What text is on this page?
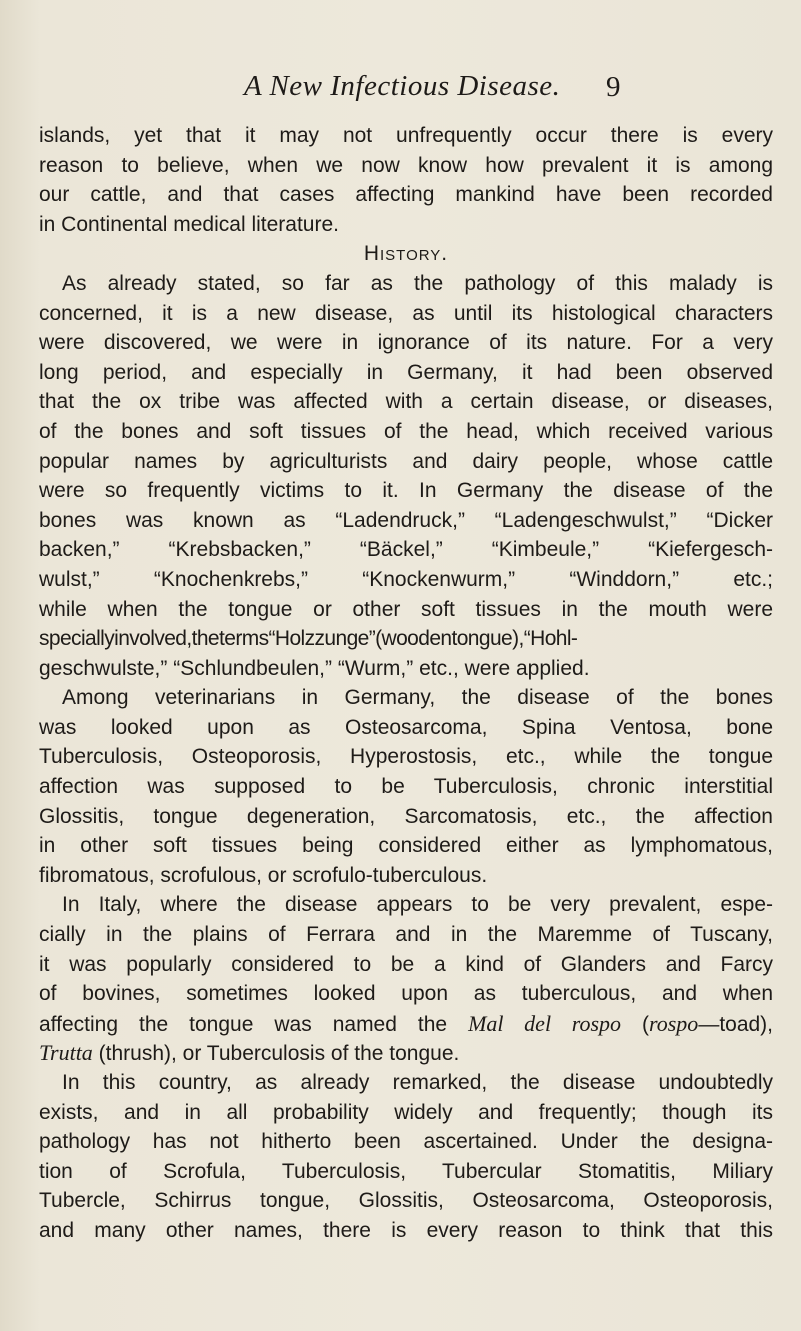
A New Infectious Disease. 9
islands, yet that it may not unfrequently occur there is every
reason to believe, when we now know how prevalent it is among
our cattle, and that cases affecting mankind have been recorded
in Continental medical literature.
History.
As already stated, so far as the pathology of this malady is
concerned, it is a new disease, as until its histological characters
were discovered, we were in ignorance of its nature. For a very
long period, and especially in Germany, it had been observed
that the ox tribe was affected with a certain disease, or diseases,
of the bones and soft tissues of the head, which received various
popular names by agriculturists and dairy people, whose cattle
were so frequently victims to it. In Germany the disease of the
bones was known as “Ladendruck,” “Ladengeschwulst,” “Dicker
backen,” “Krebsbacken,” “Bäckel,” “Kimbeule,” “Kiefergesch-
wulst,” “Knochenkrebs,” “Knockenwurm,” “Winddorn,” etc.;
while when the tongue or other soft tissues in the mouth were
speciallyinvolved,theterms“Holzzunge”(woodentongue),“Hohl-
geschwulste,” “Schlundbeulen,” “Wurm,” etc., were applied.
Among veterinarians in Germany, the disease of the bones
was looked upon as Osteosarcoma, Spina Ventosa, bone
Tuberculosis, Osteoporosis, Hyperostosis, etc., while the tongue
affection was supposed to be Tuberculosis, chronic interstitial
Glossitis, tongue degeneration, Sarcomatosis, etc., the affection
in other soft tissues being considered either as lymphomatous,
fibromatous, scrofulous, or scrofulo-tuberculous.
In Italy, where the disease appears to be very prevalent, espe-
cially in the plains of Ferrara and in the Maremme of Tuscany,
it was popularly considered to be a kind of Glanders and Farcy
of bovines, sometimes looked upon as tuberculous, and when
affecting the tongue was named the Mal del rospo (rospo—toad),
Trutta (thrush), or Tuberculosis of the tongue.
In this country, as already remarked, the disease undoubtedly
exists, and in all probability widely and frequently; though its
pathology has not hitherto been ascertained. Under the designa-
tion of Scrofula, Tuberculosis, Tubercular Stomatitis, Miliary
Tubercle, Schirrus tongue, Glossitis, Osteosarcoma, Osteoporosis,
and many other names, there is every reason to think that this
